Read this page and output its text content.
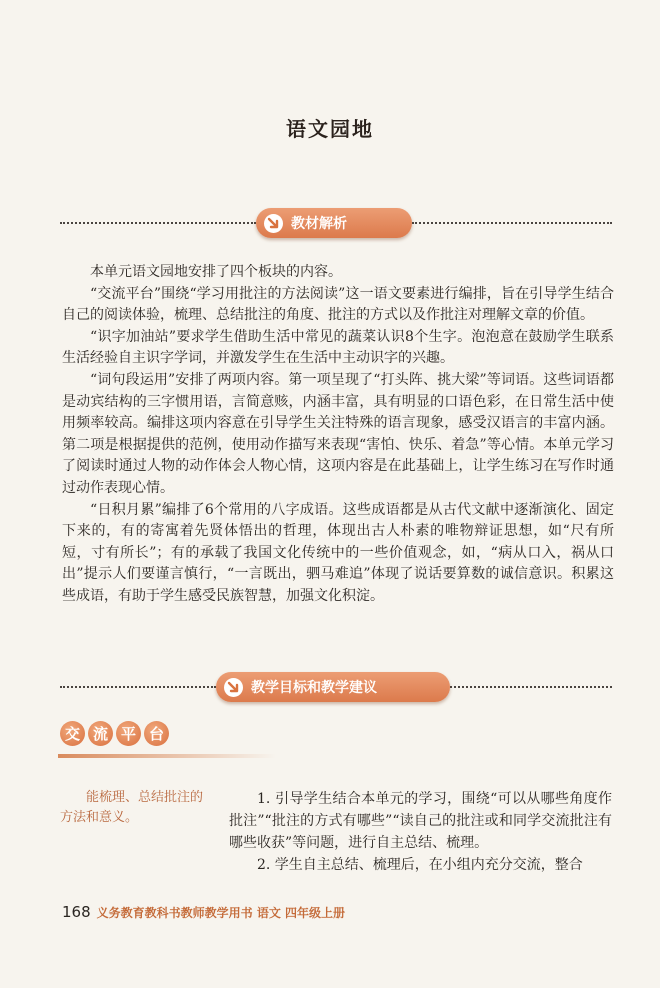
语文园地
教材解析

本单元语文园地安排了四个板块的内容。

“交流平台”围绕“学习用批注的方法阅读”这一语文要素进行编排，旨在引导学生结合自己的阅读体验，梳理、总结批注的角度、批注的方式以及作批注对理解文章的价值。

“识字加油站”要求学生借助生活中常见的蔬菜认识8个生字。泡泡意在鼓励学生联系生活经验自主识字学词，并激发学生在生活中主动识字的兴趣。

“词句段运用”安排了两项内容。第一项呈现了“打头阵、挑大梁”等词语。这些词语都是动宾结构的三字惯用语，言简意赅，内涵丰富，具有明显的口语色彩，在日常生活中使用频率较高。编排这项内容意在引导学生关注特殊的语言现象，感受汉语言的丰富内涵。第二项是根据提供的范例，使用动作描写来表现“害怕、快乐、着急”等心情。本单元学习了阅读时通过人物的动作体会人物心情，这项内容是在此基础上，让学生练习在写作时通过动作表现心情。

“日积月累”编排了6个常用的八字成语。这些成语都是从古代文献中逐渐演化、固定下来的，有的寄寓着先贤体悟出的哲理，体现出古人朴素的唯物辩证思想，如“尺有所短，寸有所长”；有的承载了我国文化传统中的一些价值观念，如，“病从口入，祸从口出”提示人们要谨言慎行，“一言既出，驷马难追”体现了说话要算数的诚信意识。积累这些成语，有助于学生感受民族智慧，加强文化积淀。

教学目标和教学建议
交 流 平 台

能梳理、总结批注的方法和意义。

1. 引导学生结合本单元的学习，围绕“可以从哪些角度作批注”“批注的方式有哪些”“读自己的批注或和同学交流批注有哪些收获”等问题，进行自主总结、梳理。

2. 学生自主总结、梳理后，在小组内充分交流，整合

168 义务教育教科书教师教学用书 语文 四年级上册
